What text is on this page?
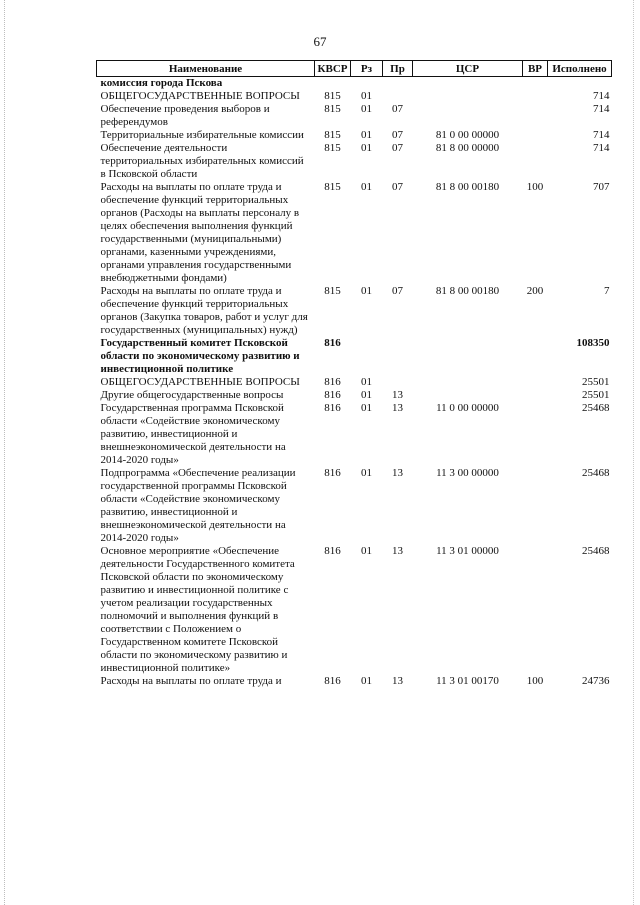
67
Наименование	КВСР	Рз	Пр	ЦСР	ВР	Исполнено
комиссия города Пскова						
ОБЩЕГОСУДАРСТВЕННЫЕ ВОПРОСЫ	815	01				714
Обеспечение проведения выборов и референдумов	815	01	07			714
Территориальные избирательные комиссии	815	01	07	81 0 00 00000		714
Обеспечение деятельности территориальных избирательных комиссий в Псковской области	815	01	07	81 8 00 00000		714
Расходы на выплаты по оплате труда и обеспечение функций территориальных органов (Расходы на выплаты персоналу в целях обеспечения выполнения функций государственными (муниципальными) органами, казенными учреждениями, органами управления государственными внебюджетными фондами)	815	01	07	81 8 00 00180	100	707
Расходы на выплаты по оплате труда и обеспечение функций территориальных органов (Закупка товаров, работ и услуг для государственных (муниципальных) нужд)	815	01	07	81 8 00 00180	200	7
Государственный комитет Псковской области по экономическому развитию и инвестиционной политике	816					108350
ОБЩЕГОСУДАРСТВЕННЫЕ ВОПРОСЫ	816	01				25501
Другие общегосударственные вопросы	816	01	13			25501
Государственная программа Псковской области «Содействие экономическому развитию, инвестиционной и внешнеэкономической деятельности на 2014-2020 годы»	816	01	13	11 0 00 00000		25468
Подпрограмма «Обеспечение реализации государственной программы Псковской области «Содействие экономическому развитию, инвестиционной и внешнеэкономической деятельности на 2014-2020 годы»	816	01	13	11 3 00 00000		25468
Основное мероприятие «Обеспечение деятельности Государственного комитета Псковской области по экономическому развитию и инвестиционной политике с учетом реализации государственных полномочий и выполнения функций в соответствии с Положением о Государственном комитете Псковской области по экономическому развитию и инвестиционной политике»	816	01	13	11 3 01 00000		25468
Расходы на выплаты по оплате труда и	816	01	13	11 3 01 00170	100	24736
